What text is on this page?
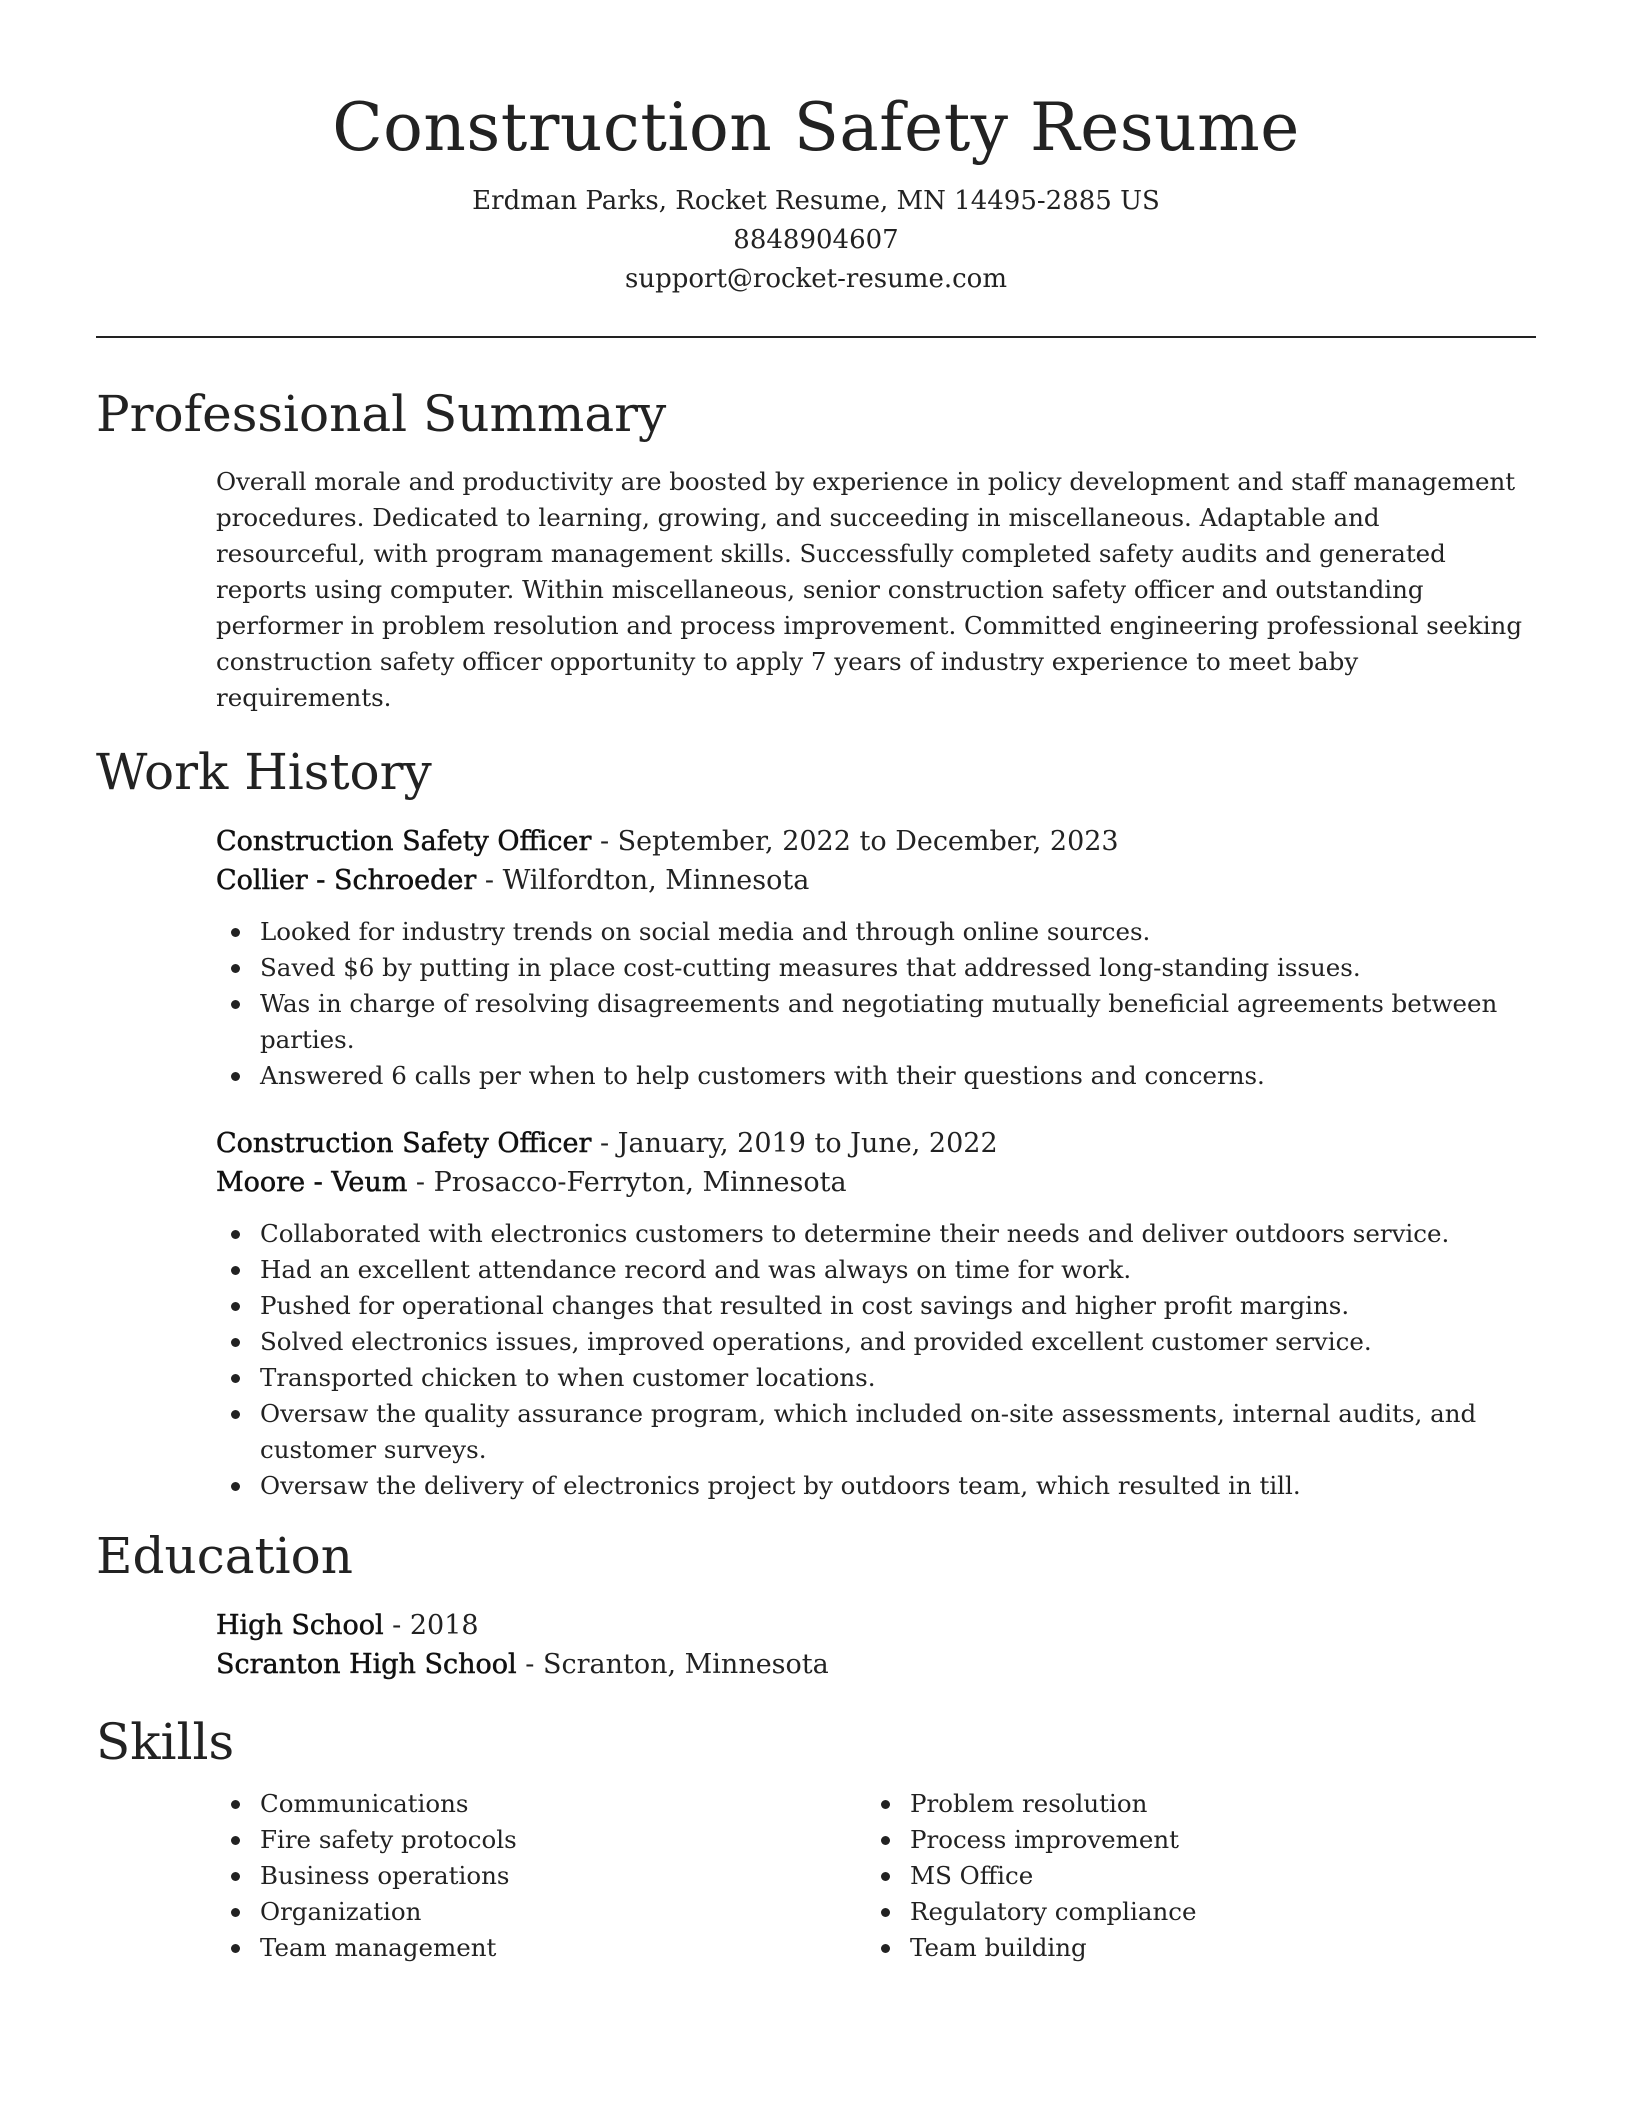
Construction Safety Resume
Erdman Parks, Rocket Resume, MN 14495-2885 US
8848904607
support@rocket-resume.com
Professional Summary

Overall morale and productivity are boosted by experience in policy development and staff management procedures. Dedicated to learning, growing, and succeeding in miscellaneous. Adaptable and resourceful, with program management skills. Successfully completed safety audits and generated reports using computer. Within miscellaneous, senior construction safety officer and outstanding performer in problem resolution and process improvement. Committed engineering professional seeking construction safety officer opportunity to apply 7 years of industry experience to meet baby requirements.

Work History
Construction Safety Officer - September, 2022 to December, 2023
Collier - Schroeder - Wilfordton, Minnesota
Looked for industry trends on social media and through online sources.
Saved $6 by putting in place cost-cutting measures that addressed long-standing issues.
Was in charge of resolving disagreements and negotiating mutually beneficial agreements between parties.
Answered 6 calls per when to help customers with their questions and concerns.
Construction Safety Officer - January, 2019 to June, 2022
Moore - Veum - Prosacco-Ferryton, Minnesota
Collaborated with electronics customers to determine their needs and deliver outdoors service.
Had an excellent attendance record and was always on time for work.
Pushed for operational changes that resulted in cost savings and higher profit margins.
Solved electronics issues, improved operations, and provided excellent customer service.
Transported chicken to when customer locations.
Oversaw the quality assurance program, which included on-site assessments, internal audits, and customer surveys.
Oversaw the delivery of electronics project by outdoors team, which resulted in till.
Education
High School - 2018
Scranton High School - Scranton, Minnesota
Skills
Communications
Fire safety protocols
Business operations
Organization
Team management
Problem resolution
Process improvement
MS Office
Regulatory compliance
Team building
